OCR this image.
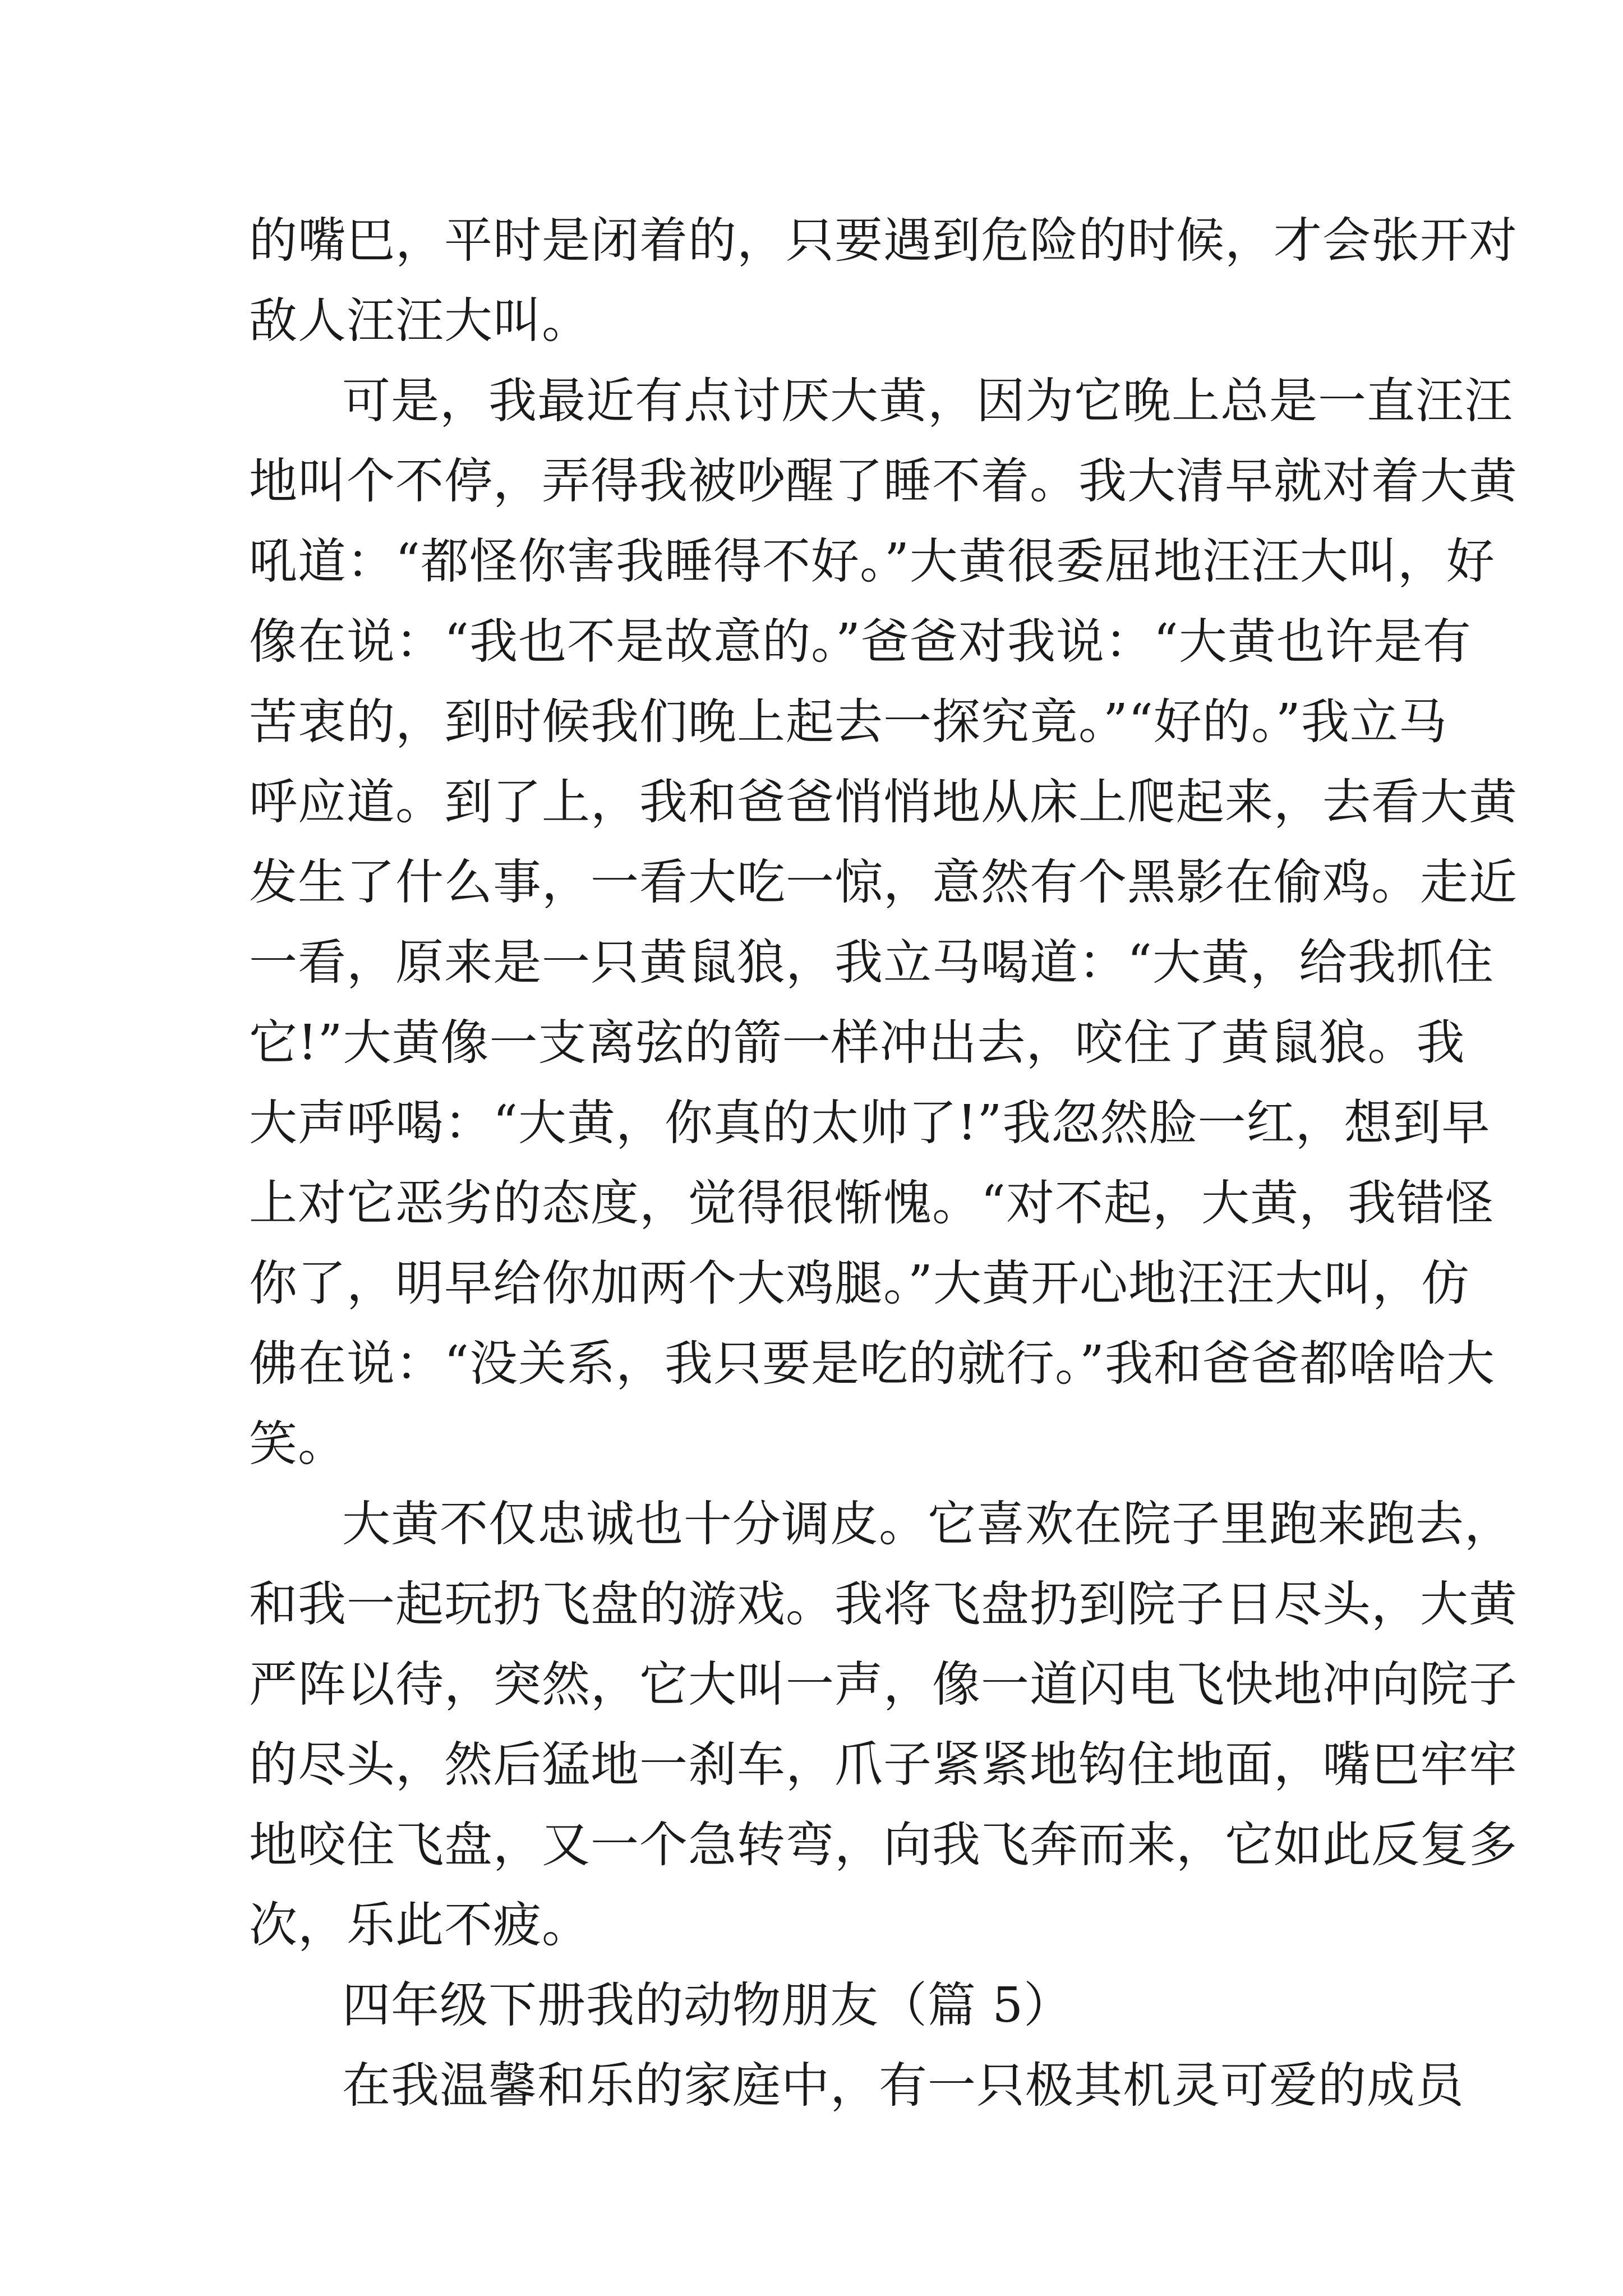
的嘴巴，平时是闭着的，只要遇到危险的时候，才会张开对
敌人汪汪大叫。
可是，我最近有点讨厌大黄，因为它晚上总是一直汪汪
地叫个不停，弄得我被吵醒了睡不着。我大清早就对着大黄
吼道：“都怪你害我睡得不好。”大黄很委屈地汪汪大叫，好
像在说：“我也不是故意的。”爸爸对我说：“大黄也许是有
苦衷的，到时候我们晚上起去一探究竟。”“好的。”我立马
呼应道。到了上，我和爸爸悄悄地从床上爬起来，去看大黄
发生了什么事，一看大吃一惊，意然有个黑影在偷鸡。走近
一看，原来是一只黄鼠狼，我立马喝道：“大黄，给我抓住
它!”大黄像一支离弦的箭一样冲出去，咬住了黄鼠狼。我
大声呼喝：“大黄，你真的太帅了!”我忽然脸一红，想到早
上对它恶劣的态度，觉得很惭愧。“对不起，大黄，我错怪
你了，明早给你加两个大鸡腿。”大黄开心地汪汪大叫，仿
佛在说：“没关系，我只要是吃的就行。”我和爸爸都啥哈大
笑。
大黄不仅忠诚也十分调皮。它喜欢在院子里跑来跑去，
和我一起玩扔飞盘的游戏。我将飞盘扔到院子日尽头，大黄
严阵以待，突然，它大叫一声，像一道闪电飞快地冲向院子
的尽头，然后猛地一刹车，爪子紧紧地钩住地面，嘴巴牢牢
地咬住飞盘，又一个急转弯，向我飞奔而来，它如此反复多
次，乐此不疲。
四年级下册我的动物朋友（篇 5）
在我温馨和乐的家庭中，有一只极其机灵可爱的成员
